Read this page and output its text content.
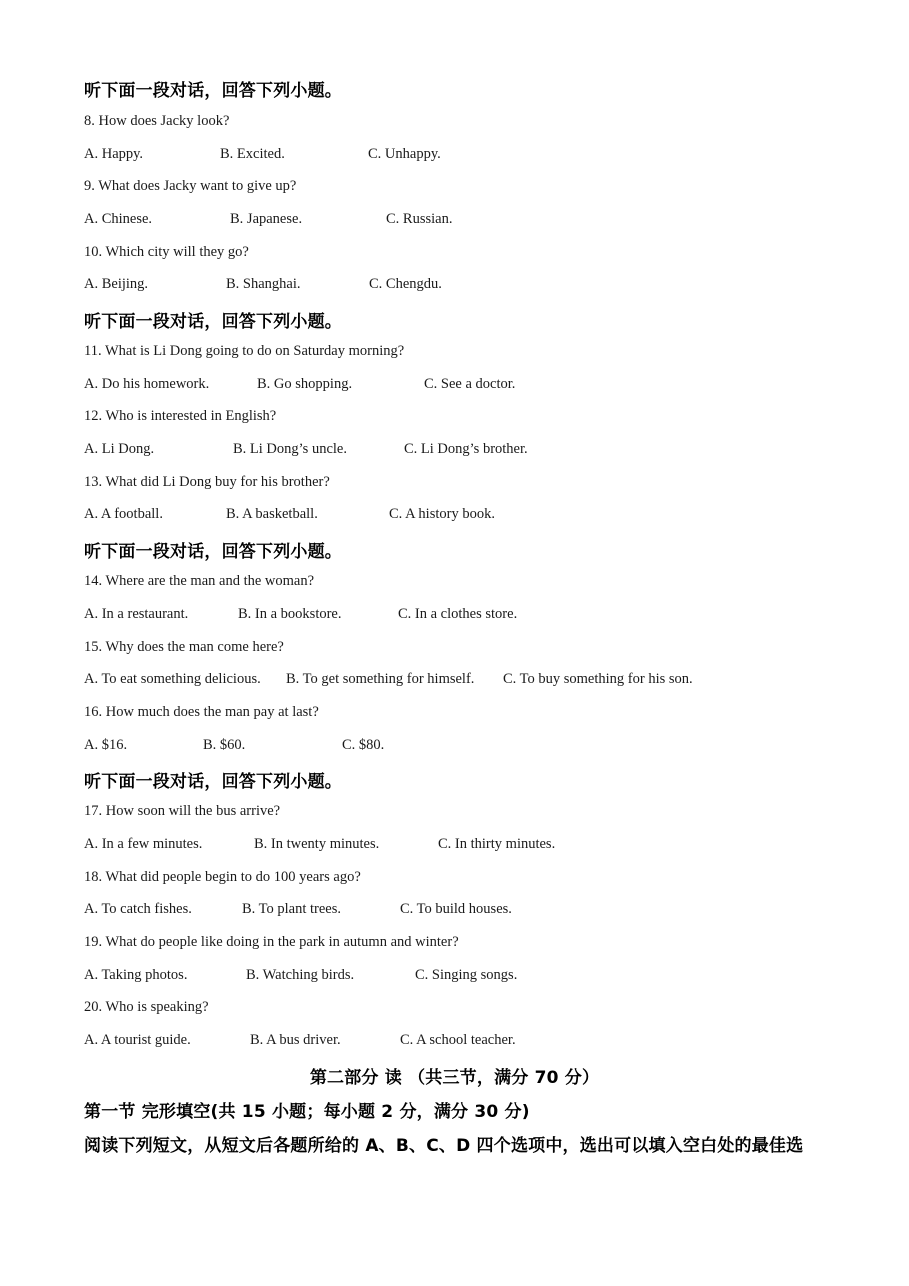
听下面一段对话，回答下列小题。
8. How does Jacky look?
A. Happy.	B. Excited.	C. Unhappy.
9. What does Jacky want to give up?
A. Chinese.	B. Japanese.	C. Russian.
10. Which city will they go?
A. Beijing.	B. Shanghai.	C. Chengdu.
听下面一段对话，回答下列小题。
11. What is Li Dong going to do on Saturday morning?
A. Do his homework.	B. Go shopping.	C. See a doctor.
12. Who is interested in English?
A. Li Dong.	B. Li Dong’s uncle.	C. Li Dong’s brother.
13. What did Li Dong buy for his brother?
A. A football.	B. A basketball.	C. A history book.
听下面一段对话，回答下列小题。
14. Where are the man and the woman?
A. In a restaurant.	B. In a bookstore.	C. In a clothes store.
15. Why does the man come here?
A. To eat something delicious. B. To get something for himself. C. To buy something for his son.
16. How much does the man pay at last?
A. $16.	B. $60.	C. $80.
听下面一段对话，回答下列小题。
17. How soon will the bus arrive?
A. In a few minutes.	B. In twenty minutes.	C. In thirty minutes.
18. What did people begin to do 100 years ago?
A. To catch fishes.	B. To plant trees.	C. To build houses.
19. What do people like doing in the park in autumn and winter?
A. Taking photos.	B. Watching birds.	C. Singing songs.
20. Who is speaking?
A. A tourist guide.	B. A bus driver.	C. A school teacher.
第二部分 读 （共三节，满分 70 分）
第一节 完形填空(共 15 小题；每小题 2 分，满分 30 分)
阅读下列短文，从短文后各题所给的 A、B、C、D 四个选项中，选出可以填入空白处的最佳选
